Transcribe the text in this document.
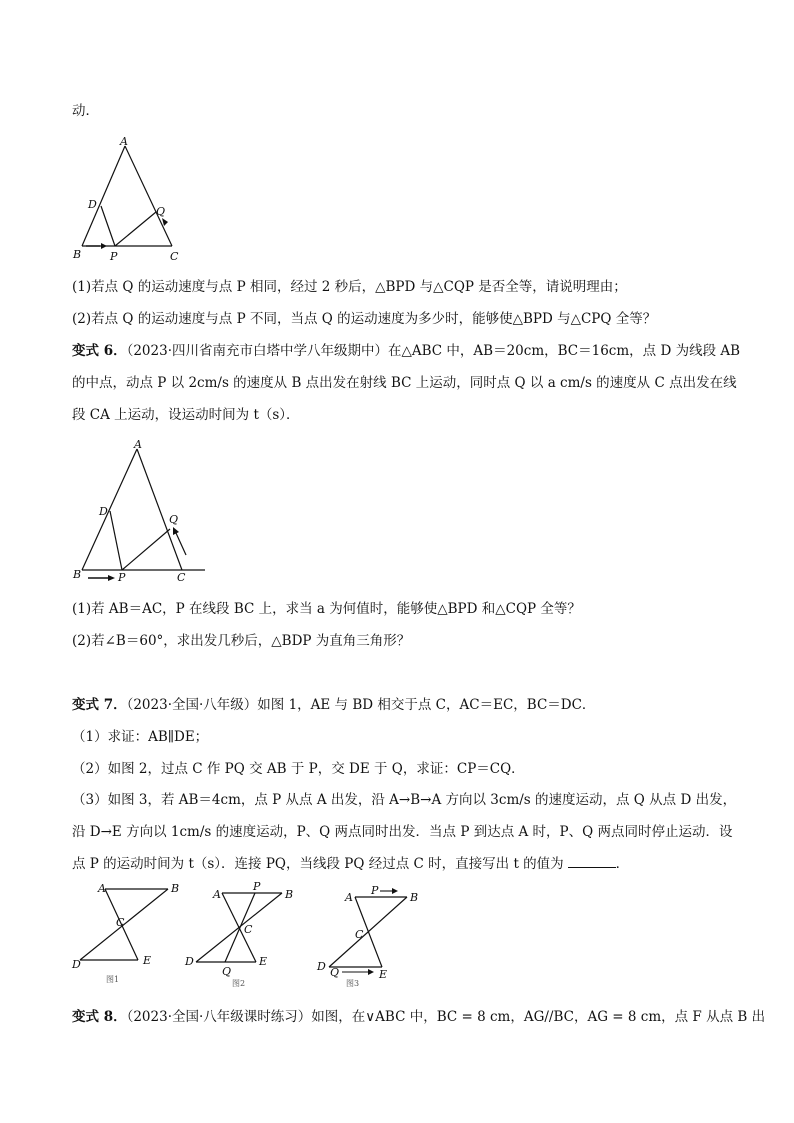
动．
A
D
Q
B	P	C
(1)若点 Q 的运动速度与点 P 相同，经过 2 秒后，△BPD 与△CQP 是否全等，请说明理由；
(2)若点 Q 的运动速度与点 P 不同，当点 Q 的运动速度为多少时，能够使△BPD 与△CPQ 全等？
变式 6．（2023·四川省南充市白塔中学八年级期中）在△ABC 中，AB＝20cm，BC＝16cm，点 D 为线段 AB
的中点，动点 P 以 2cm/s 的速度从 B 点出发在射线 BC 上运动，同时点 Q 以 a cm/s 的速度从 C 点出发在线
段 CA 上运动，设运动时间为 t（s）．
A
D
Q
B	P	C
(1)若 AB＝AC，P 在线段 BC 上，求当 a 为何值时，能够使△BPD 和△CQP 全等？
(2)若∠B＝60°，求出发几秒后，△BDP 为直角三角形？
变式 7．（2023·全国·八年级）如图 1，AE 与 BD 相交于点 C，AC＝EC，BC＝DC．
（1）求证：AB∥DE；
（2）如图 2，过点 C 作 PQ 交 AB 于 P，交 DE 于 Q，求证：CP＝CQ．
（3）如图 3，若 AB＝4cm，点 P 从点 A 出发，沿 A→B→A 方向以 3cm/s 的速度运动，点 Q 从点 D 出发，
沿 D→E 方向以 1cm/s 的速度运动，P、Q 两点同时出发．当点 P 到达点 A 时，P、Q 两点同时停止运动．设
点 P 的运动时间为 t（s）．连接 PQ，当线段 PQ 经过点 C 时，直接写出 t 的值为	．
A	B
C
D	E
图1
A
P
B
C
D
Q
E
图2
A
P
B
C
D Q	E
图3
变式 8．（2023·全国·八年级课时练习）如图，在∨ABC 中，BC = 8 cm，AG//BC，AG = 8 cm，点 F 从点 B 出
